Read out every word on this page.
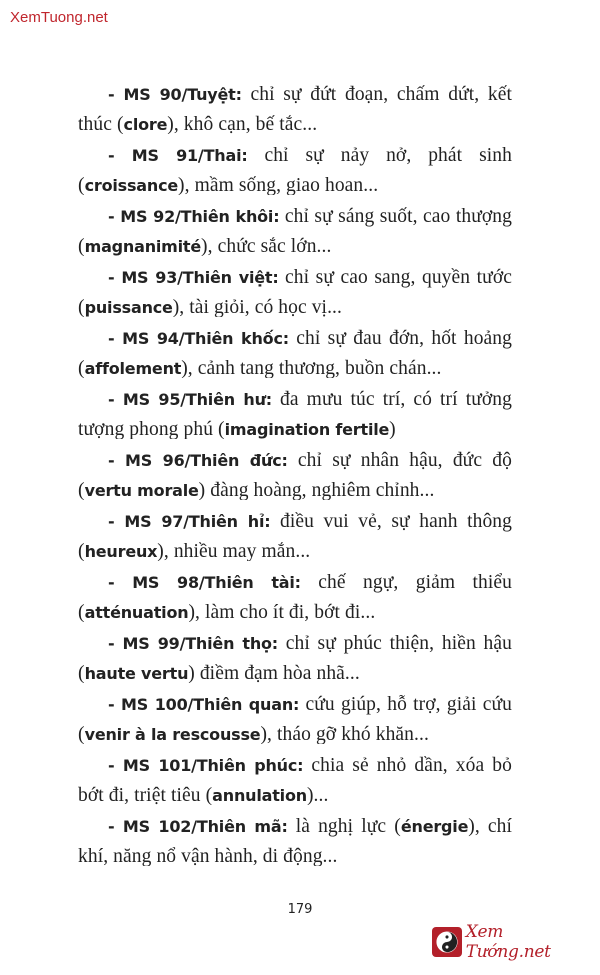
XemTuong.net

- MS 90/Tuyệt: chỉ sự đứt đoạn, chấm dứt, kết thúc (clore), khô cạn, bế tắc...

- MS 91/Thai: chỉ sự nảy nở, phát sinh (croissance), mầm sống, giao hoan...

- MS 92/Thiên khôi: chỉ sự sáng suốt, cao thượng (magnanimité), chức sắc lớn...

- MS 93/Thiên việt: chỉ sự cao sang, quyền tước (puissance), tài giỏi, có học vị...

- MS 94/Thiên khốc: chỉ sự đau đớn, hốt hoảng (affolement), cảnh tang thương, buồn chán...

- MS 95/Thiên hư: đa mưu túc trí, có trí tưởng tượng phong phú (imagination fertile)

- MS 96/Thiên đức: chỉ sự nhân hậu, đức độ (vertu morale) đàng hoàng, nghiêm chỉnh...

- MS 97/Thiên hỉ: điều vui vẻ, sự hanh thông (heureux), nhiều may mắn...

- MS 98/Thiên tài: chế ngự, giảm thiểu (atténuation), làm cho ít đi, bớt đi...

- MS 99/Thiên thọ: chỉ sự phúc thiện, hiền hậu (haute vertu) điềm đạm hòa nhã...

- MS 100/Thiên quan: cứu giúp, hỗ trợ, giải cứu (venir à la rescousse), tháo gỡ khó khăn...

- MS 101/Thiên phúc: chia sẻ nhỏ dần, xóa bỏ bớt đi, triệt tiêu (annulation)...

- MS 102/Thiên mã: là nghị lực (énergie), chí khí, năng nổ vận hành, di động...

179
Xem Tướng.net
